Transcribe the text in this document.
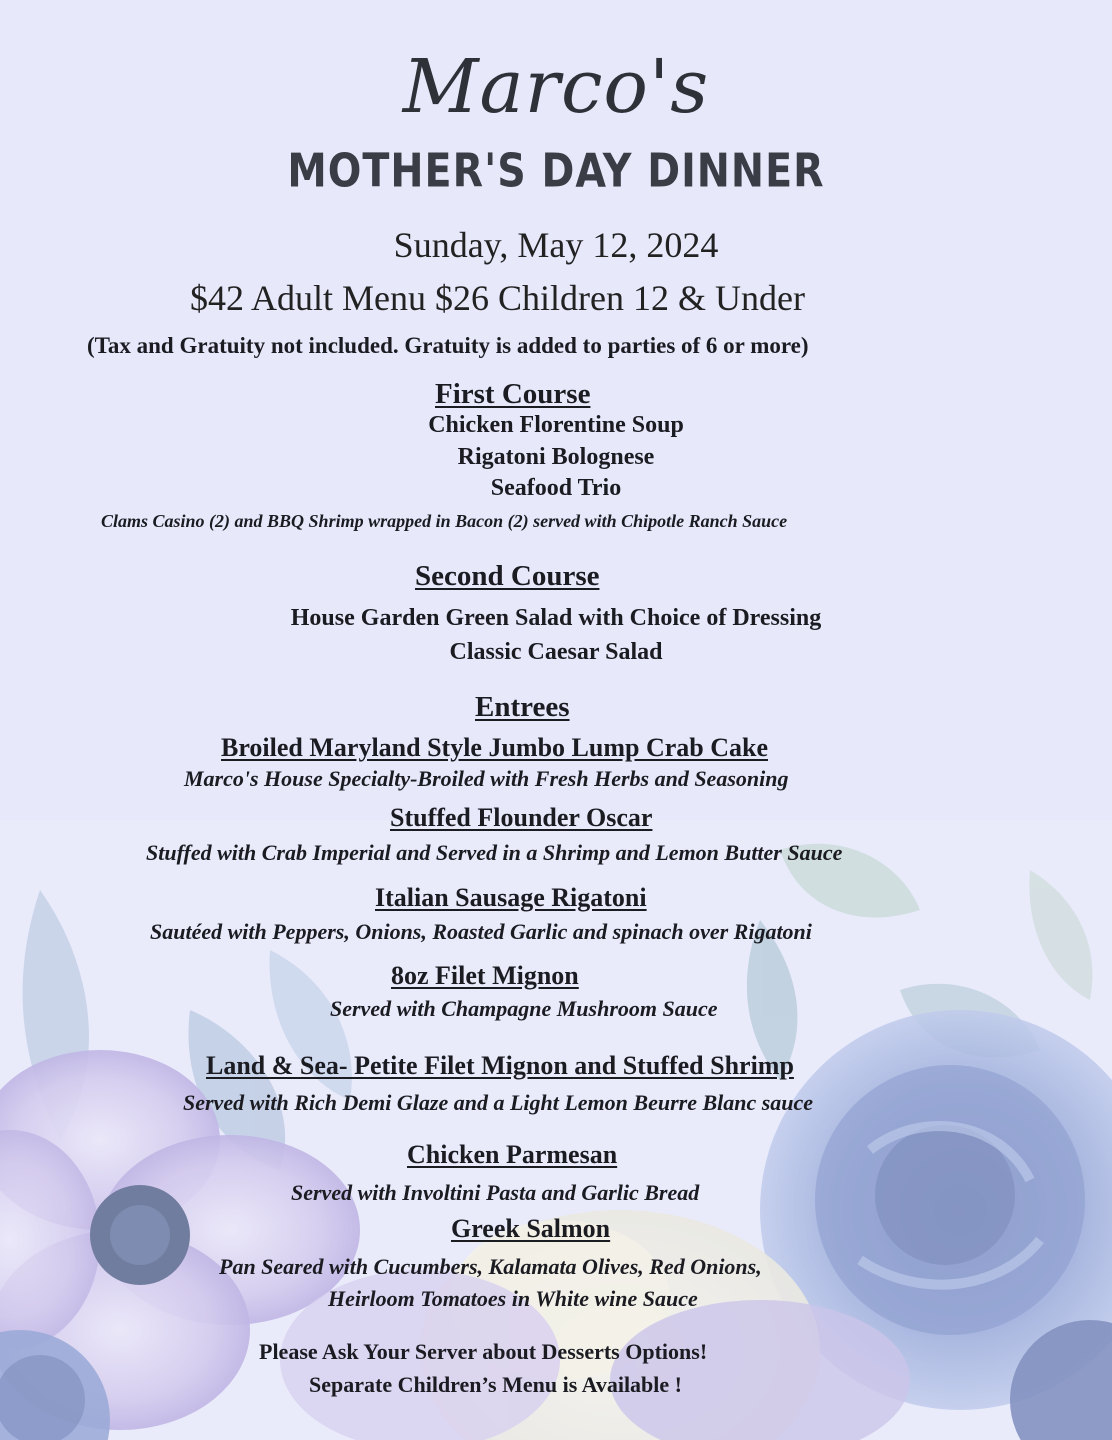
Marco's
MOTHER'S DAY DINNER
Sunday, May 12, 2024
$42 Adult Menu $26 Children 12 & Under
(Tax and Gratuity not included. Gratuity is added to parties of 6 or more)
First Course
Chicken Florentine Soup
Rigatoni Bolognese
Seafood Trio
Clams Casino (2) and BBQ Shrimp wrapped in Bacon (2) served with Chipotle Ranch Sauce
Second Course
House Garden Green Salad with Choice of Dressing
Classic Caesar Salad
Entrees
Broiled Maryland Style Jumbo Lump Crab Cake
Marco's House Specialty-Broiled with Fresh Herbs and Seasoning
Stuffed Flounder Oscar
Stuffed with Crab Imperial and Served in a Shrimp and Lemon Butter Sauce
Italian Sausage Rigatoni
Sautéed with Peppers, Onions, Roasted Garlic and spinach over Rigatoni
8oz Filet Mignon
Served with Champagne Mushroom Sauce
Land & Sea- Petite Filet Mignon and Stuffed Shrimp
Served with Rich Demi Glaze and a Light Lemon Beurre Blanc sauce
Chicken Parmesan
Served with Involtini Pasta and Garlic Bread
Greek Salmon
Pan Seared with Cucumbers, Kalamata Olives, Red Onions,
Heirloom Tomatoes in White wine Sauce
Please Ask Your Server about Desserts Options!
Separate Children’s Menu is Available !
